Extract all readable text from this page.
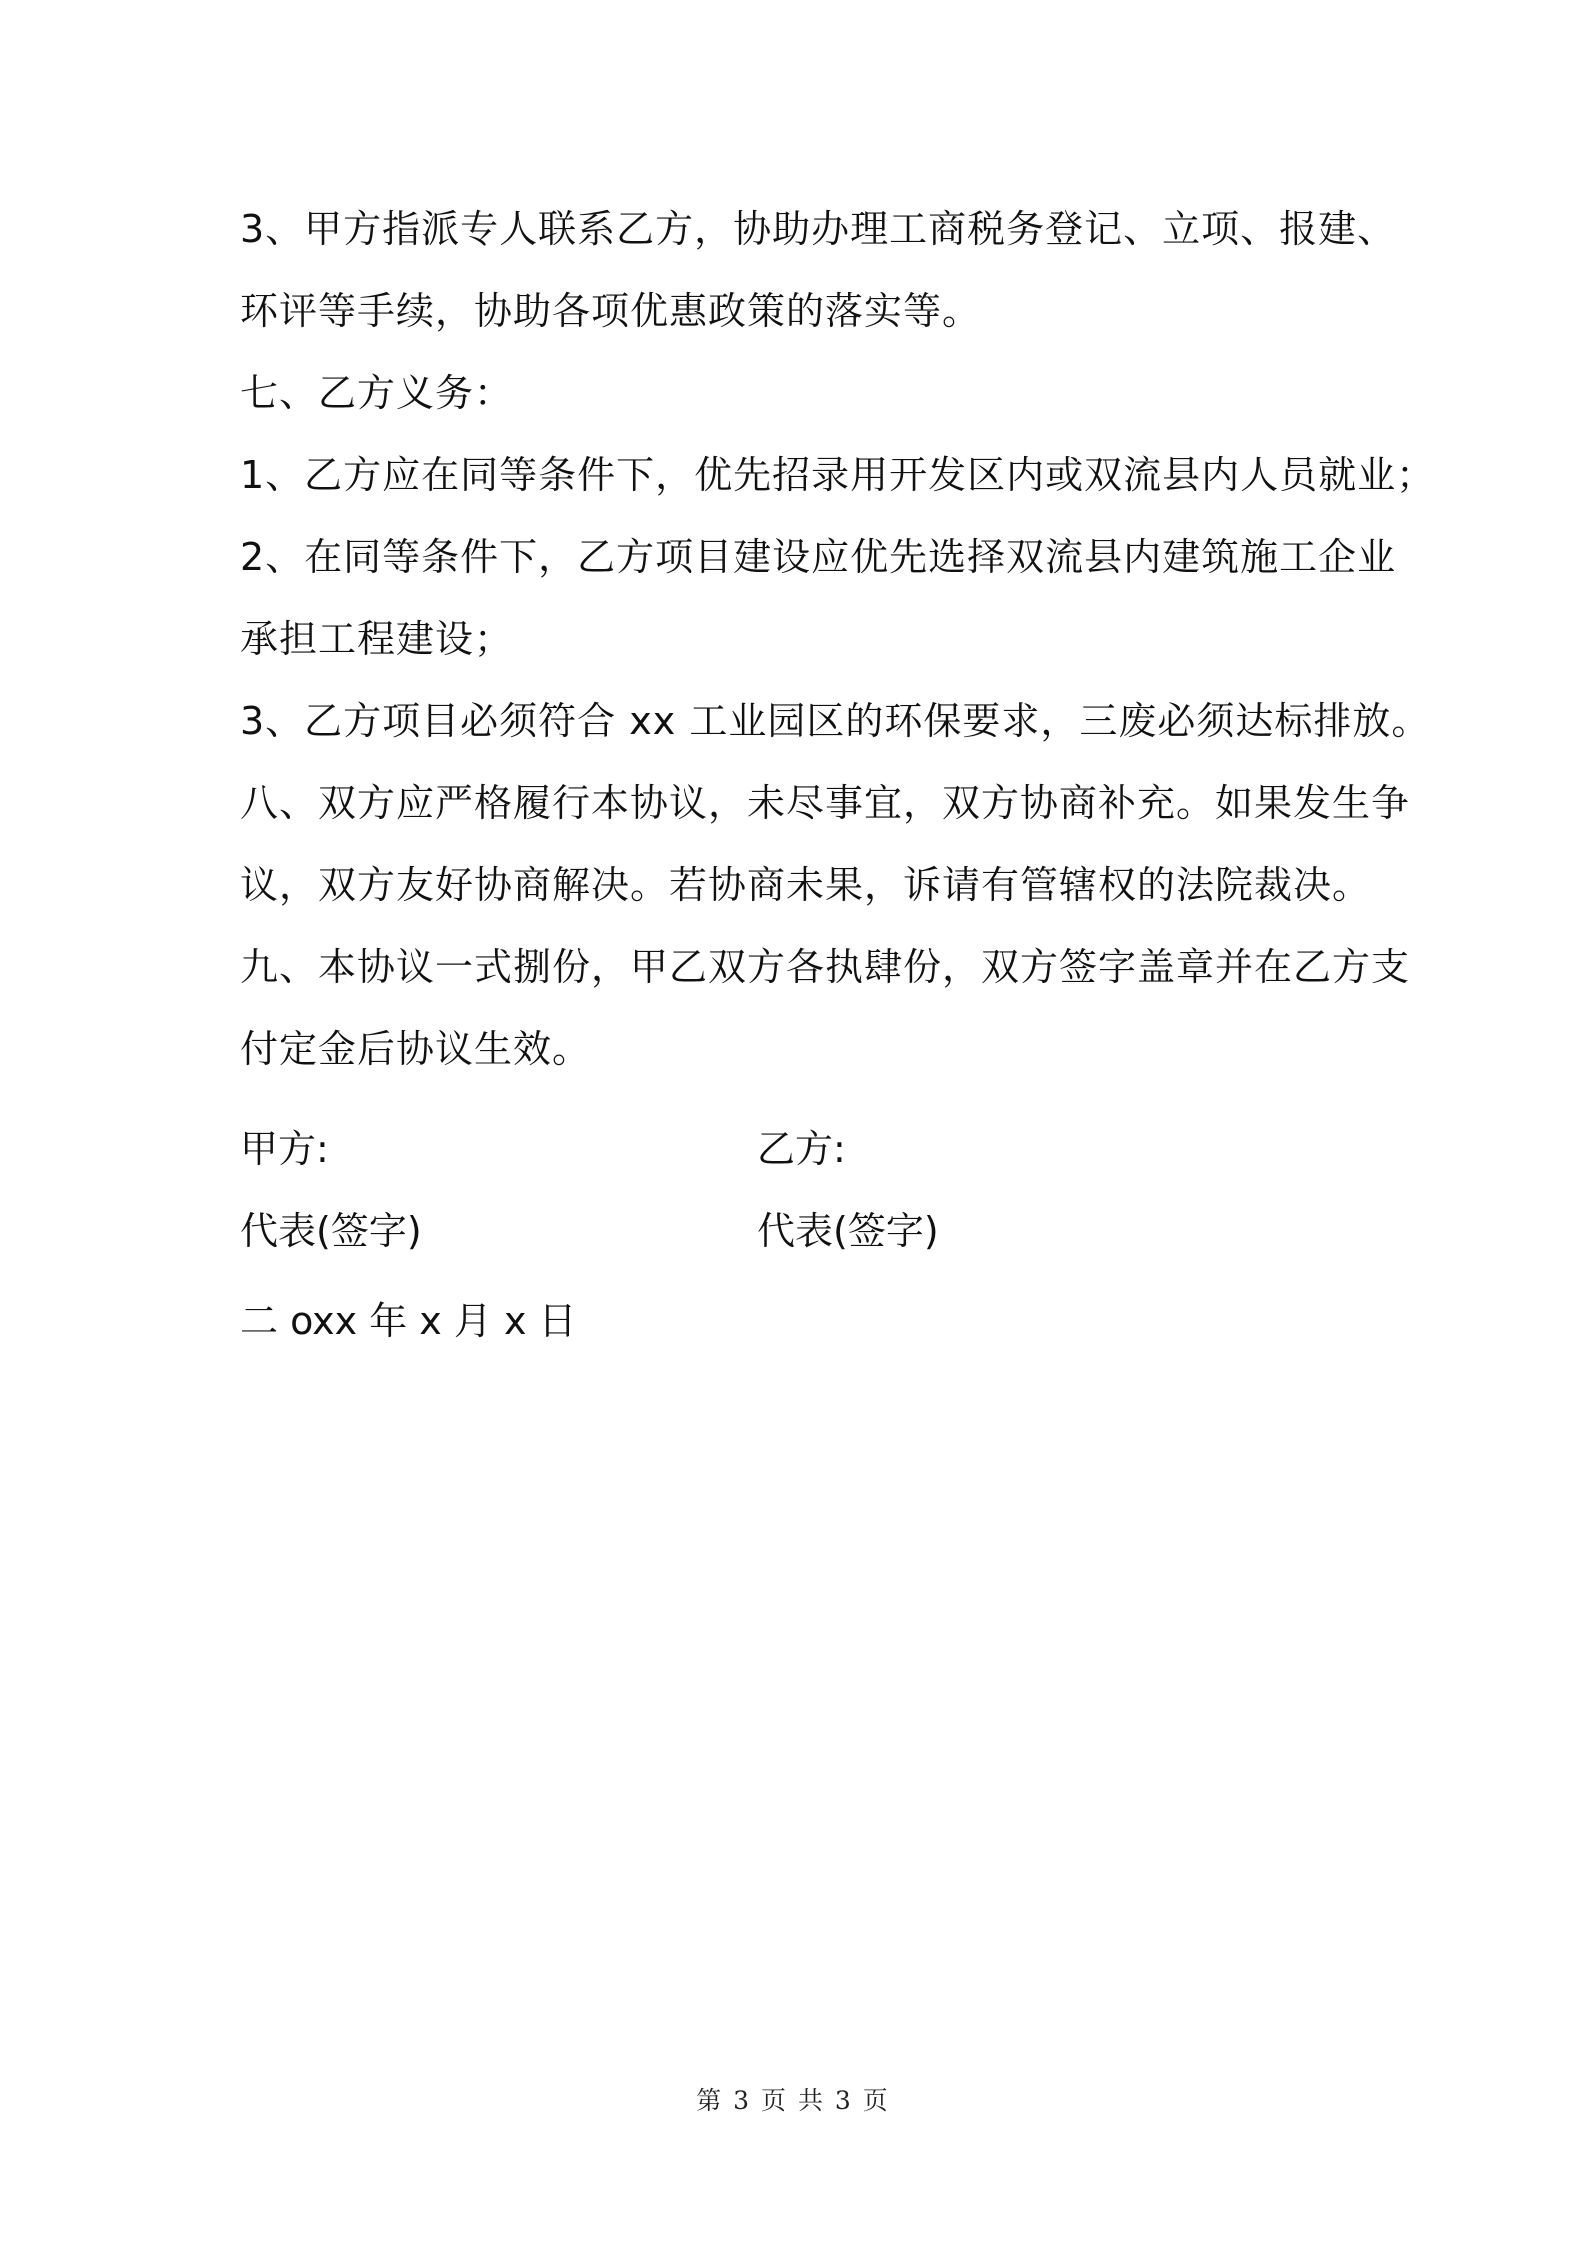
3、甲方指派专人联系乙方，协助办理工商税务登记、立项、报建、
环评等手续，协助各项优惠政策的落实等。
七、乙方义务：
1、乙方应在同等条件下，优先招录用开发区内或双流县内人员就业；
2、在同等条件下，乙方项目建设应优先选择双流县内建筑施工企业
承担工程建设；
3、乙方项目必须符合 xx 工业园区的环保要求，三废必须达标排放。
八、双方应严格履行本协议，未尽事宜，双方协商补充。如果发生争
议，双方友好协商解决。若协商未果，诉请有管辖权的法院裁决。
九、本协议一式捌份，甲乙双方各执肆份，双方签字盖章并在乙方支
付定金后协议生效。
甲方:	乙方:
代表(签字)	代表(签字)
二 oxx 年 x 月 x 日
第 3 页 共 3 页
